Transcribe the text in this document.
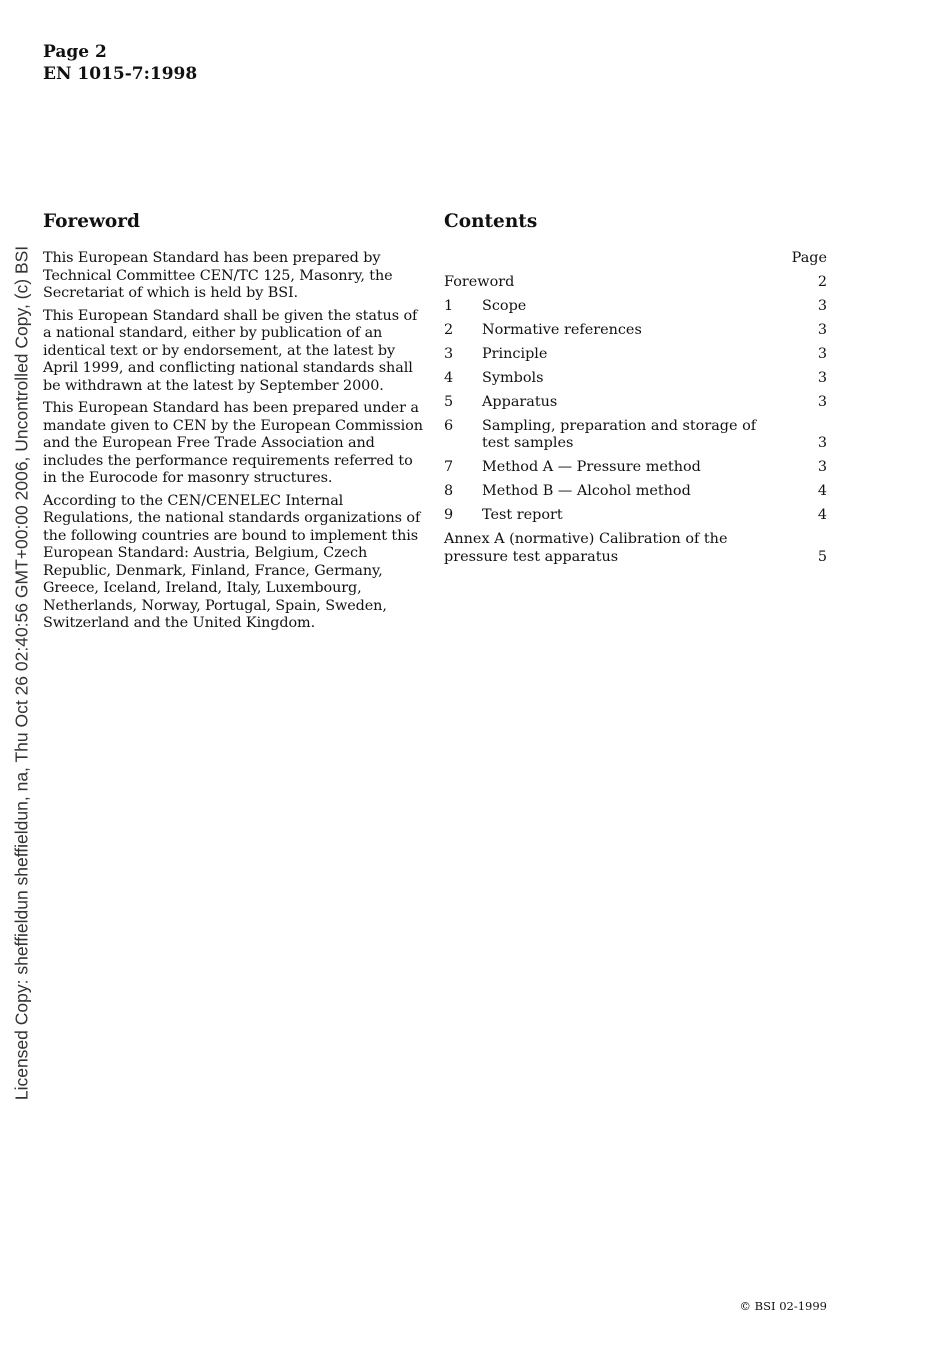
Page 2
EN 1015-7:1998
Licensed Copy: sheffieldun sheffieldun, na, Thu Oct 26 02:40:56 GMT+00:00 2006, Uncontrolled Copy, (c) BSI
Foreword

This European Standard has been prepared by Technical Committee CEN/TC 125, Masonry, the Secretariat of which is held by BSI.

This European Standard shall be given the status of a national standard, either by publication of an identical text or by endorsement, at the latest by April 1999, and conflicting national standards shall be withdrawn at the latest by September 2000.

This European Standard has been prepared under a mandate given to CEN by the European Commission and the European Free Trade Association and includes the performance requirements referred to in the Eurocode for masonry structures.

According to the CEN/CENELEC Internal Regulations, the national standards organizations of the following countries are bound to implement this European Standard: Austria, Belgium, Czech Republic, Denmark, Finland, France, Germany, Greece, Iceland, Ireland, Italy, Luxembourg, Netherlands, Norway, Portugal, Spain, Sweden, Switzerland and the United Kingdom.

Contents
Page
Foreword	2
1	Scope	3
2	Normative references	3
3	Principle	3
4	Symbols	3
5	Apparatus	3
6	Sampling, preparation and storage of test samples	3
7	Method A — Pressure method	3
8	Method B — Alcohol method	4
9	Test report	4
Annex A (normative) Calibration of the pressure test apparatus	5
© BSI 02-1999
